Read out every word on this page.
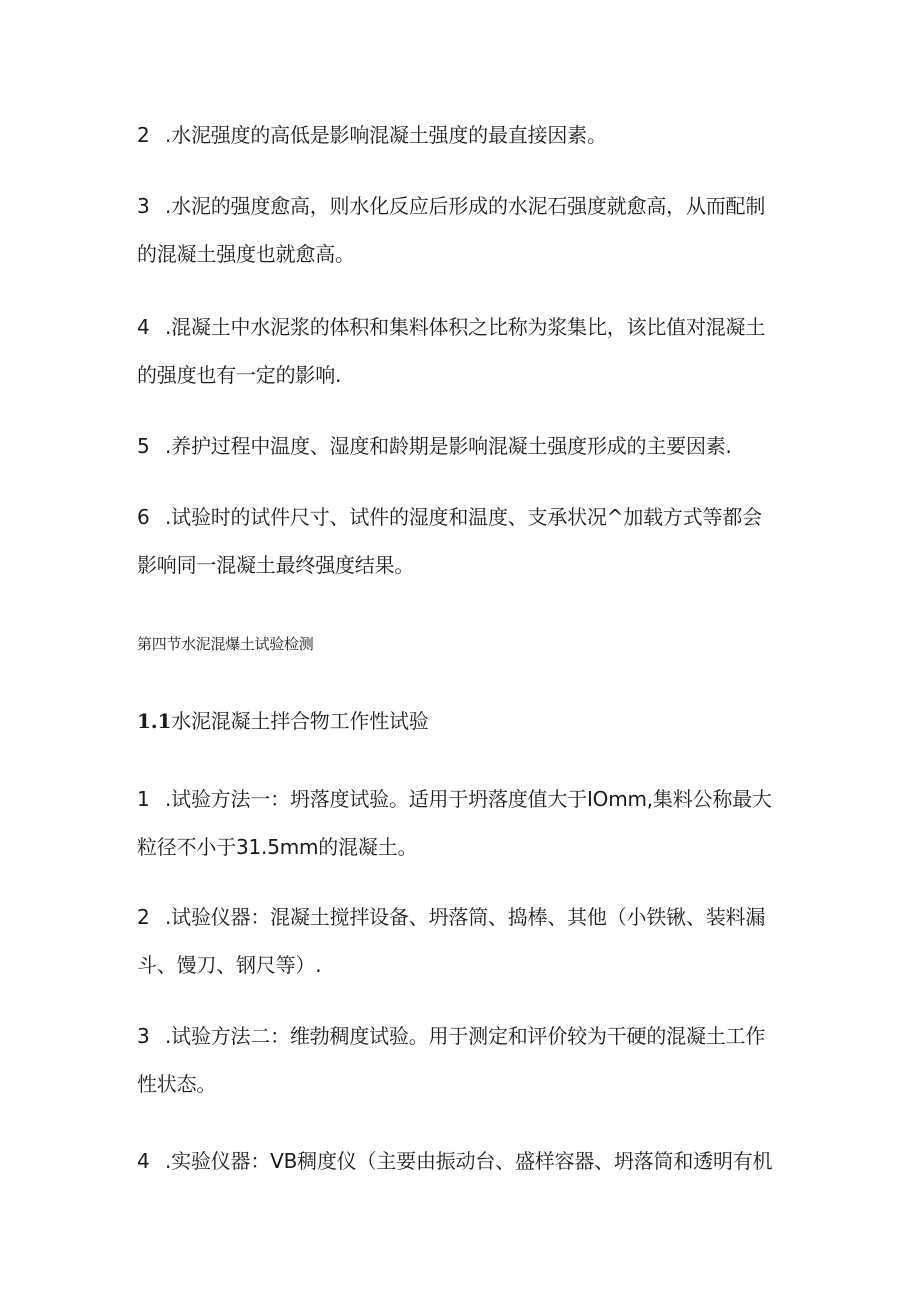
2 .水泥强度的高低是影响混凝土强度的最直接因素。

3 .水泥的强度愈高，则水化反应后形成的水泥石强度就愈高，从而配制

的混凝土强度也就愈高。

4 .混凝土中水泥浆的体积和集料体积之比称为浆集比，该比值对混凝土

的强度也有一定的影响.

5 .养护过程中温度、湿度和龄期是影响混凝土强度形成的主要因素.

6 .试验时的试件尺寸、试件的湿度和温度、支承状况^加载方式等都会

影响同一混凝土最终强度结果。

第四节水泥混爆土试验检测

1.1水泥混凝土拌合物工作性试验

1 .试验方法一：坍落度试验。适用于坍落度值大于IOmm,集料公称最大

粒径不小于31.5mm的混凝土。

2 .试验仪器：混凝土搅拌设备、坍落筒、捣棒、其他（小铁锹、装料漏

斗、馒刀、钢尺等）.

3 .试验方法二：维勃稠度试验。用于测定和评价较为干硬的混凝土工作

性状态。

4 .实验仪器：VB稠度仪（主要由振动台、盛样容器、坍落筒和透明有机
